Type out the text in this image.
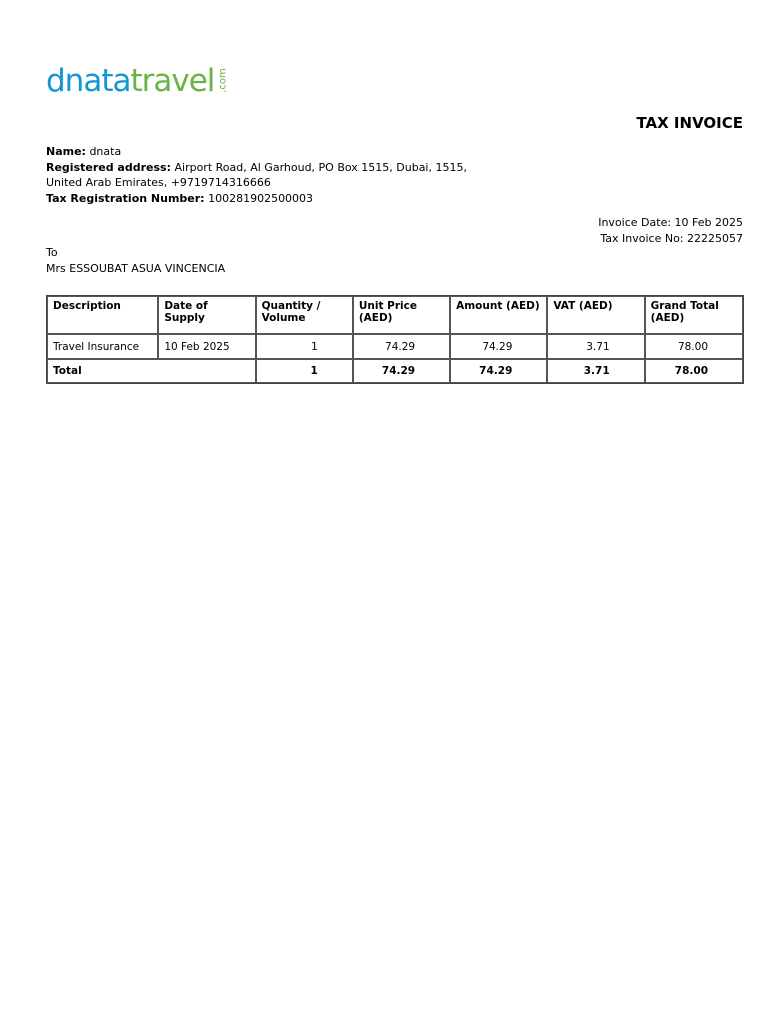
dnata travel .com
TAX INVOICE
Name: dnata
Registered address: Airport Road, Al Garhoud, PO Box 1515, Dubai, 1515,
United Arab Emirates, +9719714316666
Tax Registration Number: 100281902500003
Invoice Date: 10 Feb 2025
Tax Invoice No: 22225057
To
Mrs ESSOUBAT ASUA VINCENCIA
Description	Date of Supply	Quantity / Volume	Unit Price (AED)	Amount (AED)	VAT (AED)	Grand Total (AED)
Travel Insurance	10 Feb 2025	1	74.29	74.29	3.71	78.00
Total		1	74.29	74.29	3.71	78.00
